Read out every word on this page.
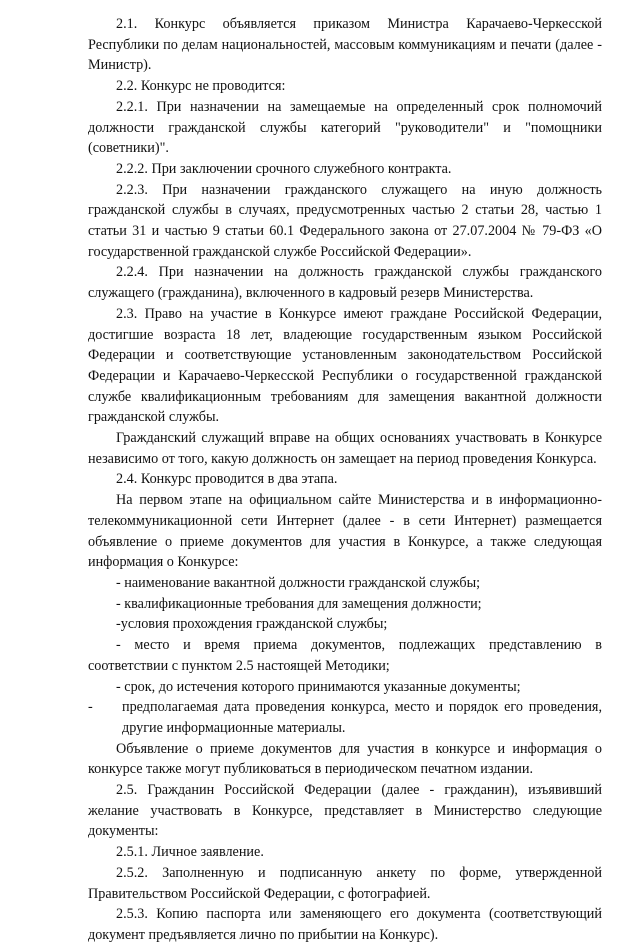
2.1. Конкурс объявляется приказом Министра Карачаево-Черкесской Республики по делам национальностей, массовым коммуникациям и печати (далее - Министр).

2.2. Конкурс не проводится:

2.2.1. При назначении на замещаемые на определенный срок полномочий должности гражданской службы категорий "руководители" и "помощники (советники)".

2.2.2. При заключении срочного служебного контракта.

2.2.3. При назначении гражданского служащего на иную должность гражданской службы в случаях, предусмотренных частью 2 статьи 28, частью 1 статьи 31 и частью 9 статьи 60.1 Федерального закона от 27.07.2004 № 79-ФЗ «О государственной гражданской службе Российской Федерации».

2.2.4. При назначении на должность гражданской службы гражданского служащего (гражданина), включенного в кадровый резерв Министерства.

2.3. Право на участие в Конкурсе имеют граждане Российской Федерации, достигшие возраста 18 лет, владеющие государственным языком Российской Федерации и соответствующие установленным законодательством Российской Федерации и Карачаево-Черкесской Республики о государственной гражданской службе квалификационным требованиям для замещения вакантной должности гражданской службы.

Гражданский служащий вправе на общих основаниях участвовать в Конкурсе независимо от того, какую должность он замещает на период проведения Конкурса.

2.4. Конкурс проводится в два этапа.

На первом этапе на официальном сайте Министерства и в информационно-телекоммуникационной сети Интернет (далее - в сети Интернет) размещается объявление о приеме документов для участия в Конкурсе, а также следующая информация о Конкурсе:

- наименование вакантной должности гражданской службы;

- квалификационные требования для замещения должности;

-условия прохождения гражданской службы;

- место и время приема документов, подлежащих представлению в соответствии с пунктом 2.5 настоящей Методики;

- срок, до истечения которого принимаются указанные документы;

-	предполагаемая дата проведения конкурса, место и порядок его проведения, другие информационные материалы.

Объявление о приеме документов для участия в конкурсе и информация о конкурсе также могут публиковаться в периодическом печатном издании.

2.5. Гражданин Российской Федерации (далее - гражданин), изъявивший желание участвовать в Конкурсе, представляет в Министерство следующие документы:

2.5.1. Личное заявление.

2.5.2. Заполненную и подписанную анкету по форме, утвержденной Правительством Российской Федерации, с фотографией.

2.5.3. Копию паспорта или заменяющего его документа (соответствующий документ предъявляется лично по прибытии на Конкурс).
